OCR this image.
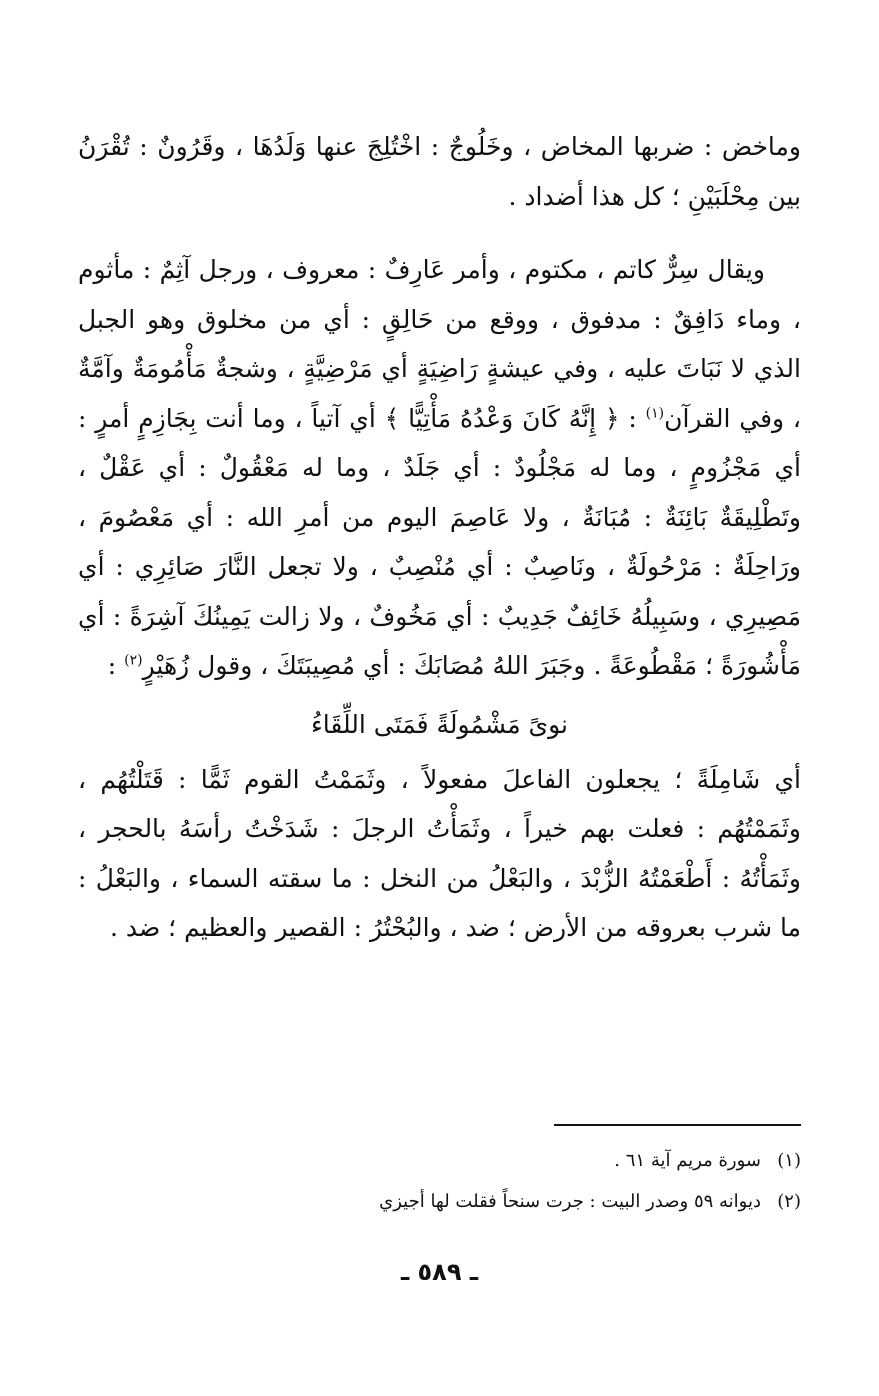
وماخض : ضربها المخاض ، وخَلُوجٌ : اخْتُلِجَ عنها وَلَدُهَا ، وقَرُونٌ : تُقْرَنُ بين مِحْلَبَيْنِ ؛ كل هذا أضداد .

ويقال سِرٌّ كاتم ، مكتوم ، وأمر عَارِفٌ : معروف ، ورجل آثِمٌ : مأثوم ، وماء دَافِقٌ : مدفوق ، ووقع من حَالِقٍ : أي من مخلوق وهو الجبل الذي لا نَبَاتَ عليه ، وفي عيشةٍ رَاضِيَةٍ أي مَرْضِيَّةٍ ، وشجةٌ مَأْمُومَةٌ وآمَّةٌ ، وفي القرآن$^{(١)}$ : ﴿ إِنَّهُ كَانَ وَعْدُهُ مَأْتِيًّا ﴾ أي آتياً ، وما أنت بِجَازِمٍ أمرٍ : أي مَجْزُومٍ ، وما له مَجْلُودٌ : أي جَلَدٌ ، وما له مَعْقُولٌ : أي عَقْلٌ ، وتَطْلِيقَةٌ بَائِنَةٌ : مُبَانَةٌ ، ولا عَاصِمَ اليوم من أمرِ الله : أي مَعْصُومَ ، ورَاحِلَةٌ : مَرْحُولَةٌ ، ونَاصِبٌ : أي مُنْصِبٌ ، ولا تجعل النَّارَ صَائِرِي : أي مَصِيرِي ، وسَبِيلُهُ خَائِفٌ جَدِيبٌ : أي مَخُوفٌ ، ولا زالت يَمِينُكَ آشِرَةً : أي مَأْشُورَةً ؛ مَقْطُوعَةً . وجَبَرَ اللهُ مُصَابَكَ : أي مُصِيبَتَكَ ، وقول زُهَيْرٍ$^{(٢)}$ :

نوىً مَشْمُولَةً فَمَتَى اللِّقَاءُ

أي شَامِلَةً ؛ يجعلون الفاعلَ مفعولاً ، وثَمَمْتُ القوم ثَمًّا : قَتَلْتُهُم ، وثَمَمْتُهُم : فعلت بهم خيراً ، وثَمَأْتُ الرجلَ : شَدَخْتُ رأسَهُ بالحجر ، وثَمَأْتُهُ : أَطْعَمْتُهُ الزُّبْدَ ، والبَعْلُ من النخل : ما سقته السماء ، والبَعْلُ : ما شرب بعروقه من الأرض ؛ ضد ، والبُحْتُرُ : القصير والعظيم ؛ ضد .

(١)سورة مريم آية ٦١ .
(٢)ديوانه ٥٩ وصدر البيت : جرت سنحاً فقلت لها أجيزي
ـ ٥٨٩ ـ
